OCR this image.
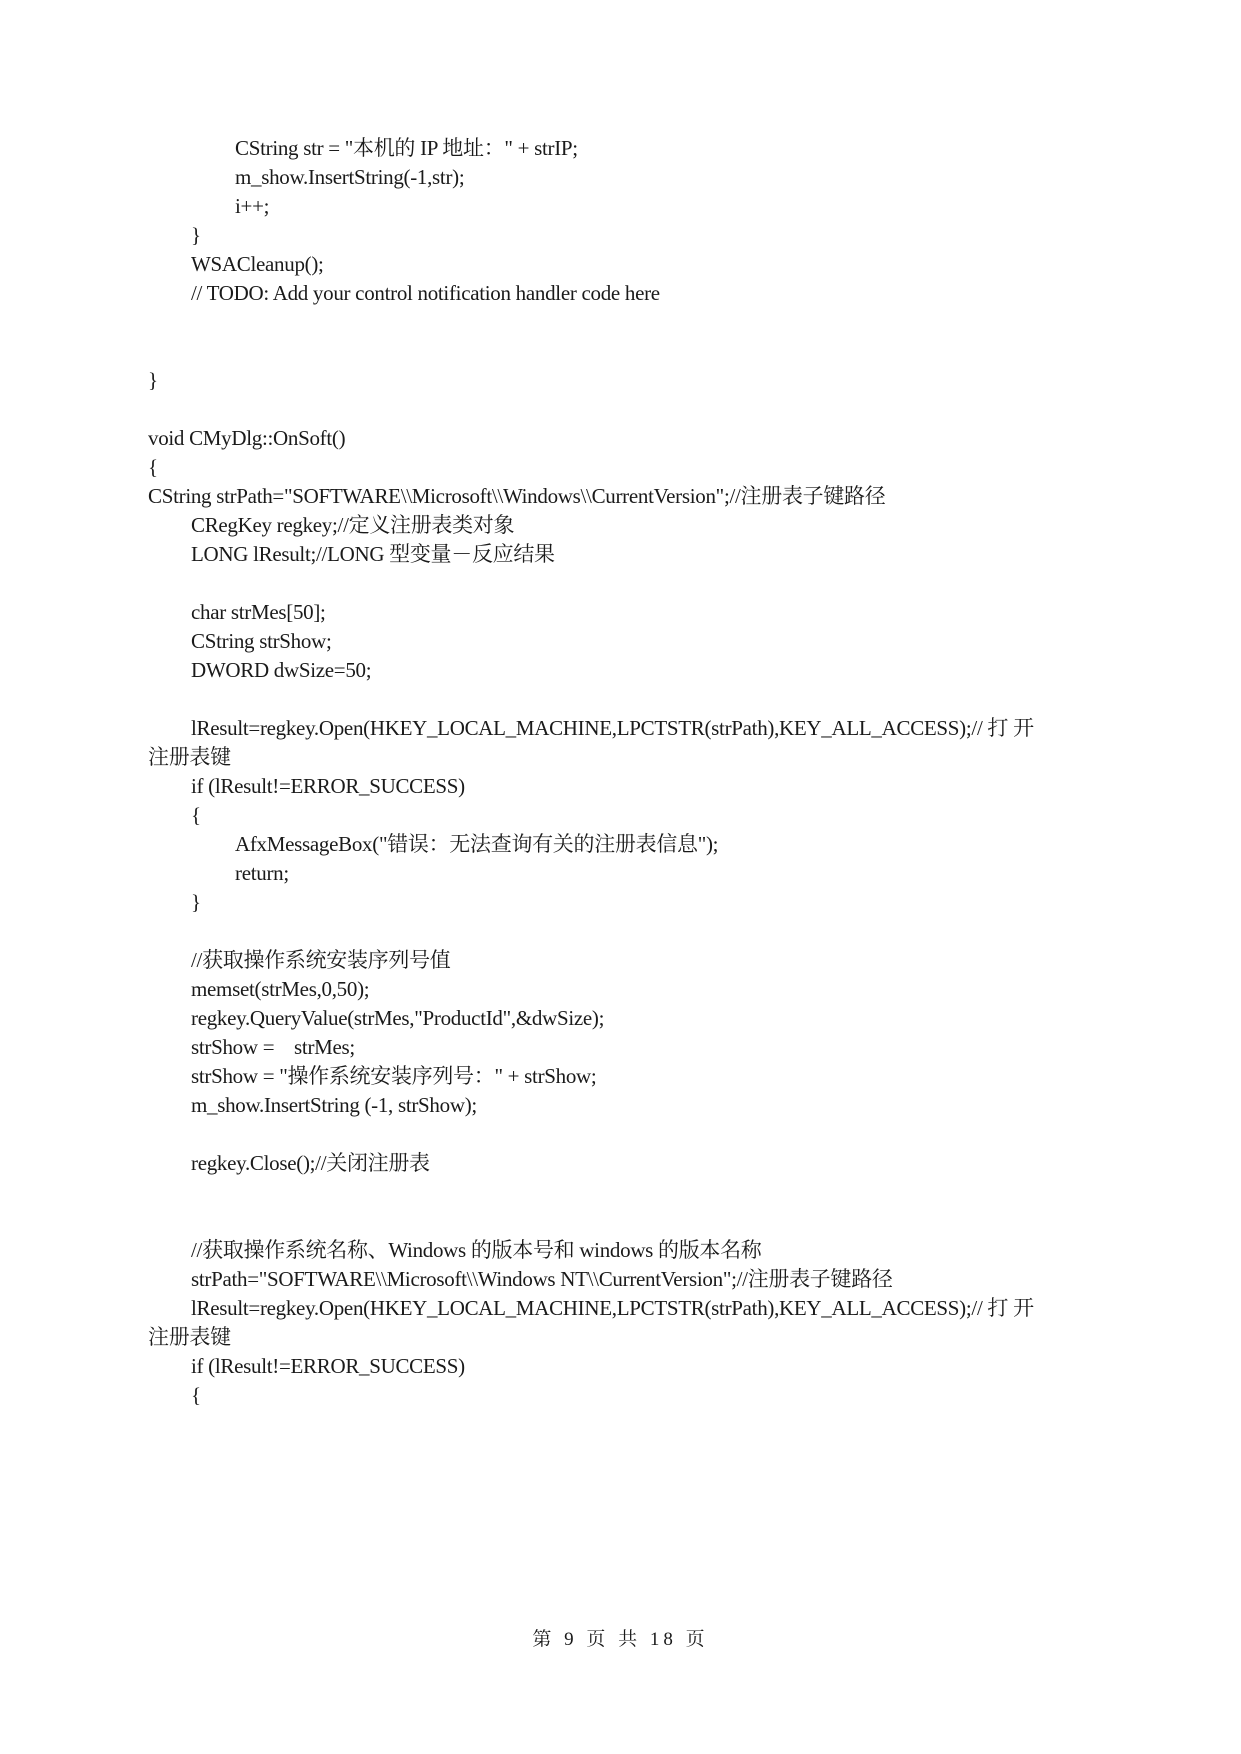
CString str = "本机的 IP 地址：" + strIP;
m_show.InsertString(-1,str);
i++;
}
WSACleanup();
// TODO: Add your control notification handler code here
}
void CMyDlg::OnSoft()
{
CString strPath="SOFTWARE\\Microsoft\\Windows\\CurrentVersion";//注册表子键路径
CRegKey regkey;//定义注册表类对象
LONG lResult;//LONG 型变量－反应结果
char strMes[50];
CString strShow;
DWORD dwSize=50;
lResult=regkey.Open(HKEY_LOCAL_MACHINE,LPCTSTR(strPath),KEY_ALL_ACCESS);// 打 开
注册表键
if (lResult!=ERROR_SUCCESS)
{
AfxMessageBox("错误：无法查询有关的注册表信息");
return;
}
//获取操作系统安装序列号值
memset(strMes,0,50);
regkey.QueryValue(strMes,"ProductId",&dwSize);
strShow =    strMes;
strShow = "操作系统安装序列号：" + strShow;
m_show.InsertString (-1, strShow);
regkey.Close();//关闭注册表
//获取操作系统名称、Windows 的版本号和 windows 的版本名称
strPath="SOFTWARE\\Microsoft\\Windows NT\\CurrentVersion";//注册表子键路径
lResult=regkey.Open(HKEY_LOCAL_MACHINE,LPCTSTR(strPath),KEY_ALL_ACCESS);// 打 开
注册表键
if (lResult!=ERROR_SUCCESS)
{
第 9 页 共 18 页
